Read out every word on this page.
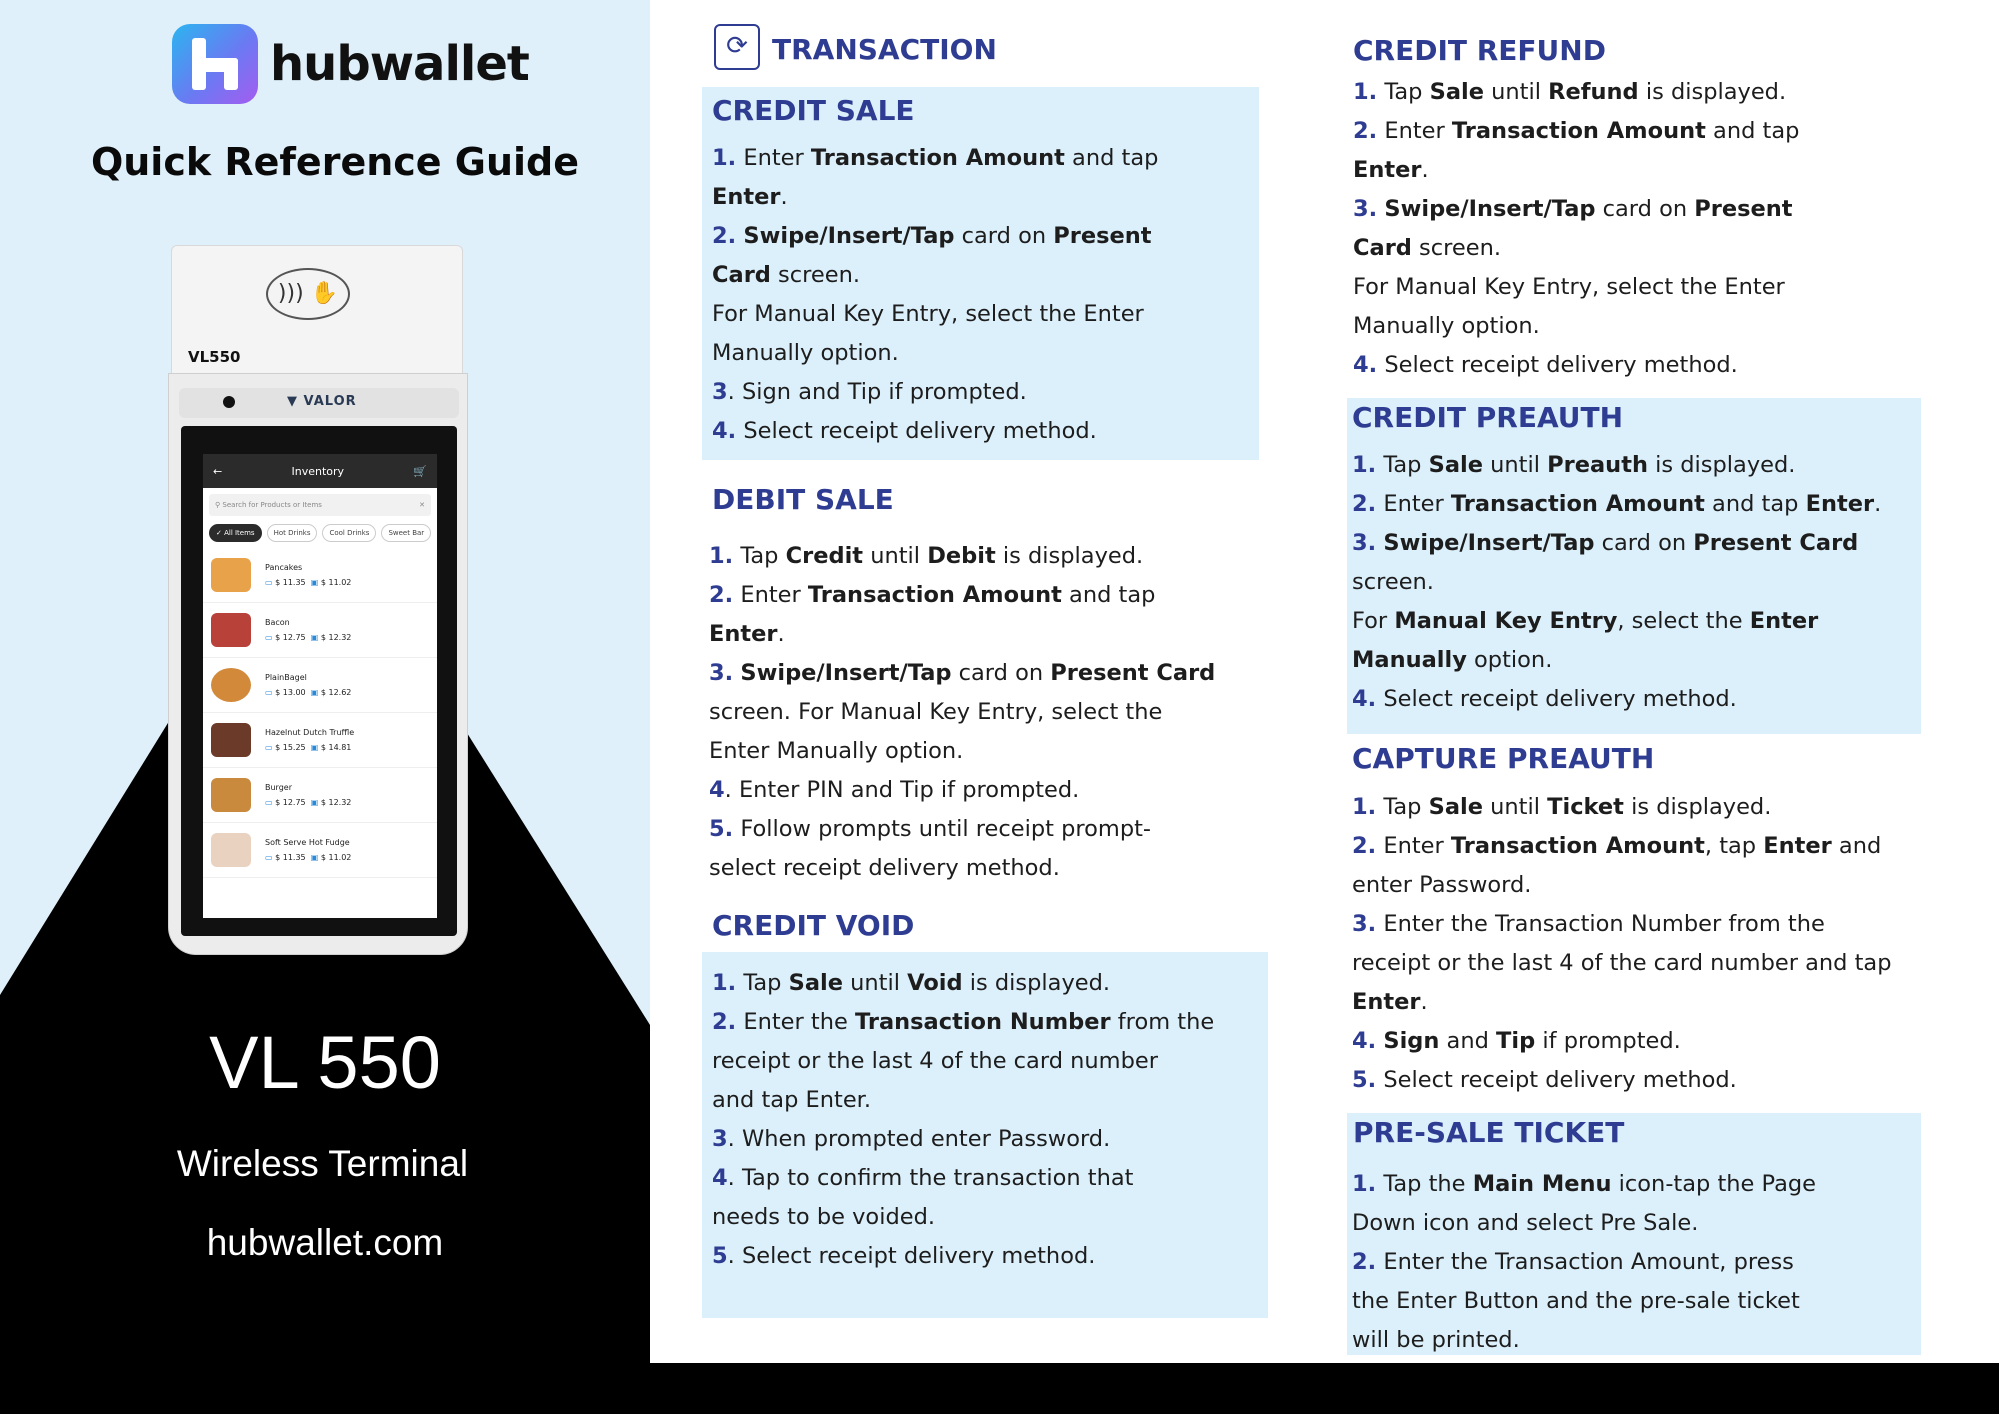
hubwallet
Quick Reference Guide
))) ✋
VL550
▼ VALOR
←	Inventory	🛒
⚲ Search for Products or Items	✕
✓ All Items	Hot Drinks	Cool Drinks	Sweet Bar
Pancakes
▭ $ 11.35 ▣ $ 11.02
Bacon
▭ $ 12.75 ▣ $ 12.32
PlainBagel
▭ $ 13.00 ▣ $ 12.62
Hazelnut Dutch Truffle
▭ $ 15.25 ▣ $ 14.81
Burger
▭ $ 12.75 ▣ $ 12.32
Soft Serve Hot Fudge
▭ $ 11.35 ▣ $ 11.02
VL 550
Wireless Terminal
hubwallet.com
⟳ TRANSACTION
CREDIT SALE
1. Enter Transaction Amount and tap
Enter.
2. Swipe/Insert/Tap card on Present
Card screen.
For Manual Key Entry, select the Enter
Manually option.
3. Sign and Tip if prompted.
4. Select receipt delivery method.
DEBIT SALE
1. Tap Credit until Debit is displayed.
2. Enter Transaction Amount and tap
Enter.
3. Swipe/Insert/Tap card on Present Card
screen. For Manual Key Entry, select the
Enter Manually option.
4. Enter PIN and Tip if prompted.
5. Follow prompts until receipt prompt-
select receipt delivery method.
CREDIT VOID
1. Tap Sale until Void is displayed.
2. Enter the Transaction Number from the
receipt or the last 4 of the card number
and tap Enter.
3. When prompted enter Password.
4. Tap to confirm the transaction that
needs to be voided.
5. Select receipt delivery method.
CREDIT REFUND
1. Tap Sale until Refund is displayed.
2. Enter Transaction Amount and tap
Enter.
3. Swipe/Insert/Tap card on Present
Card screen.
For Manual Key Entry, select the Enter
Manually option.
4. Select receipt delivery method.
CREDIT PREAUTH
1. Tap Sale until Preauth is displayed.
2. Enter Transaction Amount and tap Enter.
3. Swipe/Insert/Tap card on Present Card
screen.
For Manual Key Entry, select the Enter
Manually option.
4. Select receipt delivery method.
CAPTURE PREAUTH
1. Tap Sale until Ticket is displayed.
2. Enter Transaction Amount, tap Enter and
enter Password.
3. Enter the Transaction Number from the
receipt or the last 4 of the card number and tap
Enter.
4. Sign and Tip if prompted.
5. Select receipt delivery method.
PRE-SALE TICKET
1. Tap the Main Menu icon-tap the Page
Down icon and select Pre Sale.
2. Enter the Transaction Amount, press
the Enter Button and the pre-sale ticket
will be printed.
